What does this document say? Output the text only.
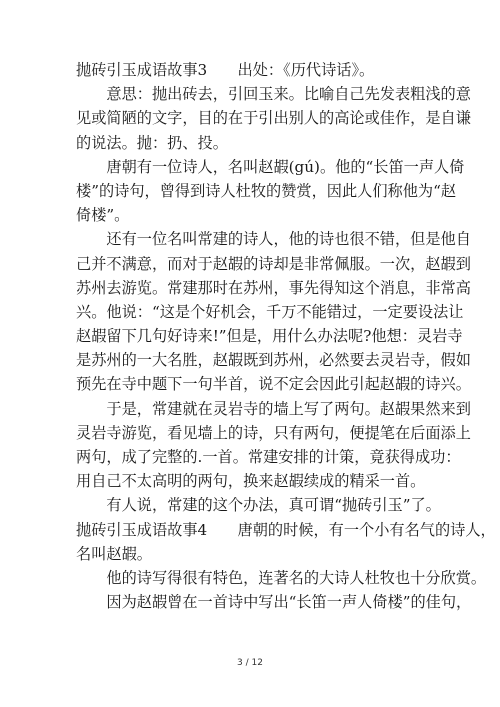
抛砖引玉成语故事3　　出处：《历代诗话》。
　　意思：抛出砖去，引回玉来。比喻自己先发表粗浅的意
见或简陋的文字，目的在于引出别人的高论或佳作，是自谦
的说法。抛：扔、投。
　　唐朝有一位诗人，名叫赵嘏(gú)。他的“长笛一声人倚
楼”的诗句，曾得到诗人杜牧的赞赏，因此人们称他为“赵
倚楼”。
　　还有一位名叫常建的诗人，他的诗也很不错，但是他自
己并不满意，而对于赵嘏的诗却是非常佩服。一次，赵嘏到
苏州去游览。常建那时在苏州，事先得知这个消息，非常高
兴。他说：“这是个好机会，千万不能错过，一定要设法让
赵嘏留下几句好诗来!”但是，用什么办法呢?他想：灵岩寺
是苏州的一大名胜，赵嘏既到苏州，必然要去灵岩寺，假如
预先在寺中题下一句半首，说不定会因此引起赵嘏的诗兴。
　　于是，常建就在灵岩寺的墙上写了两句。赵嘏果然来到
灵岩寺游览，看见墙上的诗，只有两句，便提笔在后面添上
两句，成了完整的.一首。常建安排的计策，竟获得成功：
用自己不太高明的两句，换来赵嘏续成的精采一首。
　　有人说，常建的这个办法，真可谓“抛砖引玉”了。
抛砖引玉成语故事4　　唐朝的时候，有一个小有名气的诗人，
名叫赵嘏。
　　他的诗写得很有特色，连著名的大诗人杜牧也十分欣赏。
　　因为赵嘏曾在一首诗中写出“长笛一声人倚楼”的佳句，
3 / 12
